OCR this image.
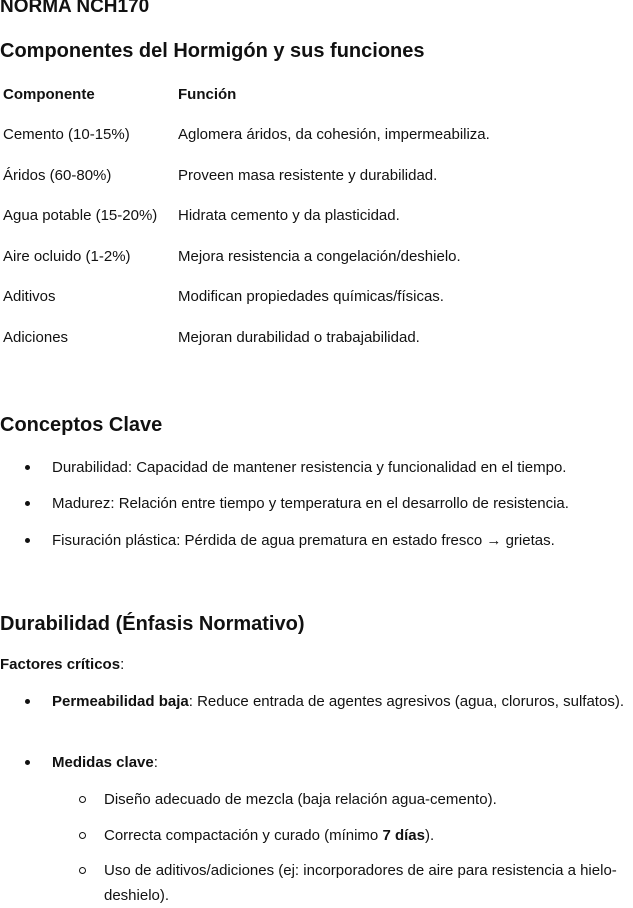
NORMA NCH170
Componentes del Hormigón y sus funciones
Componente	Función
Cemento (10-15%)	Aglomera áridos, da cohesión, impermeabiliza.
Áridos (60-80%)	Proveen masa resistente y durabilidad.
Agua potable (15-20%) Hidrata cemento y da plasticidad.
Aire ocluido (1-2%)	Mejora resistencia a congelación/deshielo.
Aditivos	Modifican propiedades químicas/físicas.
Adiciones	Mejoran durabilidad o trabajabilidad.
Conceptos Clave
Durabilidad: Capacidad de mantener resistencia y funcionalidad en el tiempo.
Madurez: Relación entre tiempo y temperatura en el desarrollo de resistencia.
Fisuración plástica: Pérdida de agua prematura en estado fresco → grietas.
Durabilidad (Énfasis Normativo)
Factores críticos:
Permeabilidad baja: Reduce entrada de agentes agresivos (agua, cloruros, sulfatos).
Medidas clave:
Diseño adecuado de mezcla (baja relación agua-cemento).
Correcta compactación y curado (mínimo 7 días).
Uso de aditivos/adiciones (ej: incorporadores de aire para resistencia a hielo-deshielo).
